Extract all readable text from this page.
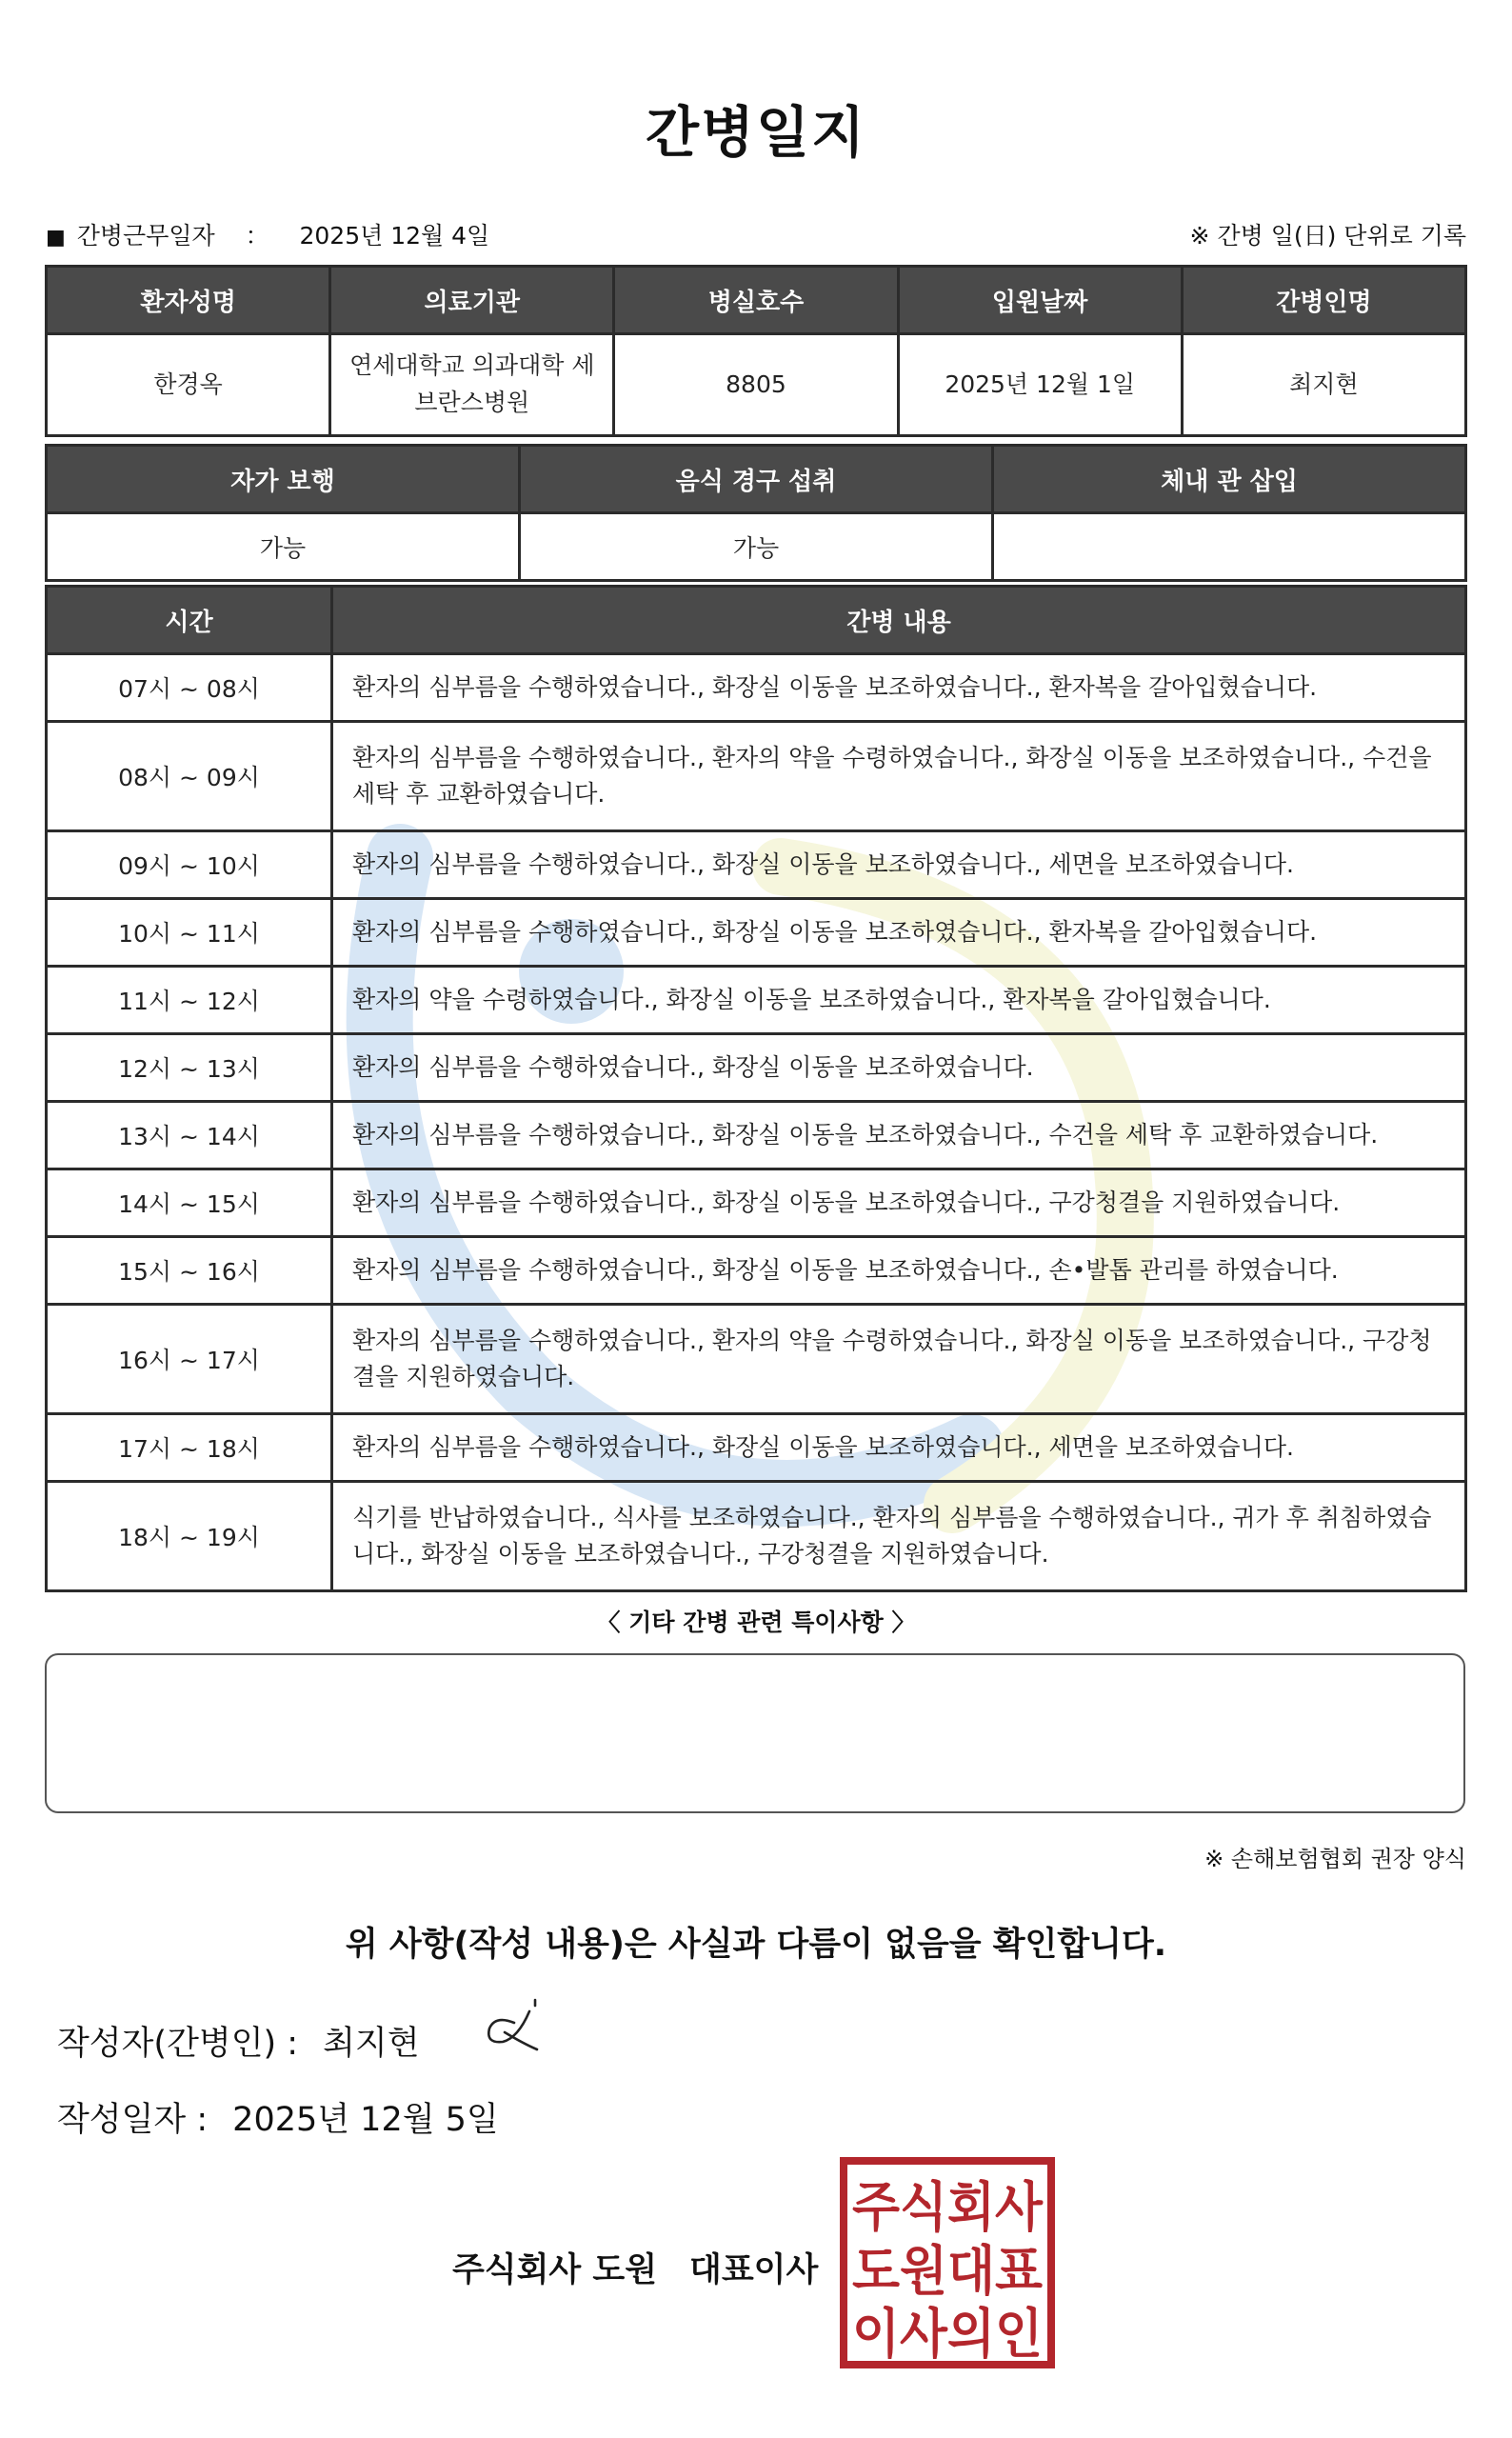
간병일지
■ 간병근무일자 ： 2025년 12월 4일	※ 간병 일(日) 단위로 기록
환자성명	의료기관	병실호수	입원날짜	간병인명
한경옥	연세대학교 의과대학 세브란스병원	8805	2025년 12월 1일	최지현
자가 보행	음식 경구 섭취	체내 관 삽입
가능	가능	
시간	간병 내용
07시 ~ 08시	환자의 심부름을 수행하였습니다., 화장실 이동을 보조하였습니다., 환자복을 갈아입혔습니다.
08시 ~ 09시	환자의 심부름을 수행하였습니다., 환자의 약을 수령하였습니다., 화장실 이동을 보조하였습니다., 수건을 세탁 후 교환하였습니다.
09시 ~ 10시	환자의 심부름을 수행하였습니다., 화장실 이동을 보조하였습니다., 세면을 보조하였습니다.
10시 ~ 11시	환자의 심부름을 수행하였습니다., 화장실 이동을 보조하였습니다., 환자복을 갈아입혔습니다.
11시 ~ 12시	환자의 약을 수령하였습니다., 화장실 이동을 보조하였습니다., 환자복을 갈아입혔습니다.
12시 ~ 13시	환자의 심부름을 수행하였습니다., 화장실 이동을 보조하였습니다.
13시 ~ 14시	환자의 심부름을 수행하였습니다., 화장실 이동을 보조하였습니다., 수건을 세탁 후 교환하였습니다.
14시 ~ 15시	환자의 심부름을 수행하였습니다., 화장실 이동을 보조하였습니다., 구강청결을 지원하였습니다.
15시 ~ 16시	환자의 심부름을 수행하였습니다., 화장실 이동을 보조하였습니다., 손•발톱 관리를 하였습니다.
16시 ~ 17시	환자의 심부름을 수행하였습니다., 환자의 약을 수령하였습니다., 화장실 이동을 보조하였습니다., 구강청결을 지원하였습니다.
17시 ~ 18시	환자의 심부름을 수행하였습니다., 화장실 이동을 보조하였습니다., 세면을 보조하였습니다.
18시 ~ 19시	식기를 반납하였습니다., 식사를 보조하였습니다., 환자의 심부름을 수행하였습니다., 귀가 후 취침하였습니다., 화장실 이동을 보조하였습니다., 구강청결을 지원하였습니다.
〈 기타 간병 관련 특이사항 〉
※ 손해보험협회 권장 양식
위 사항(작성 내용)은 사실과 다름이 없음을 확인합니다.
작성자(간병인) : 최지현
작성일자 : 2025년 12월 5일
주식회사 도원 대표이사
주식회사
도원대표
이사의인
